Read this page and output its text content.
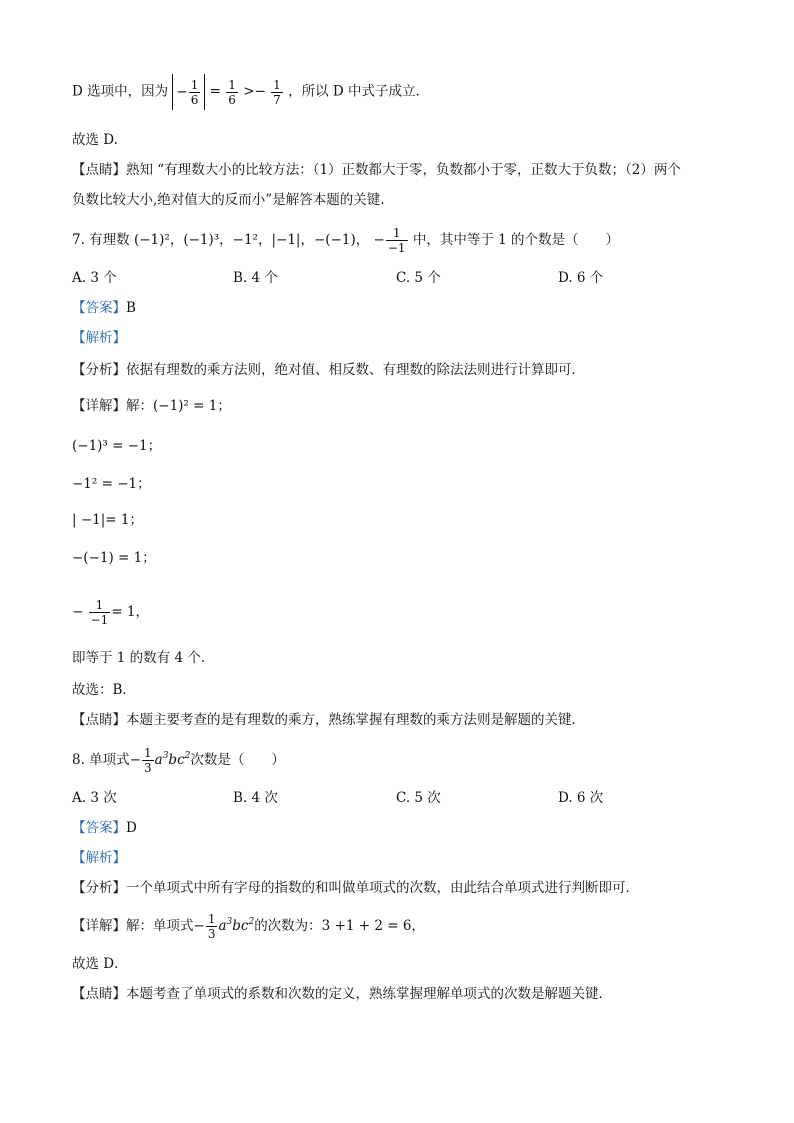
D 选项中，因为 − $\frac{1}{6} = \frac{1}{6} >- \frac{1}{7}$ ，所以 D 中式子成立.
故选 D.
【点睛】熟知 “有理数大小的比较方法：（1）正数都大于零，负数都小于零，正数大于负数；（2）两个
负数比较大小,绝对值大的反而小”是解答本题的关键.
7. 有理数 (−1)²，(−1)³，−1²，|−1|，−(−1)， − $\frac{1}{-1}$ 中，其中等于 1 的个数是（　　）
A. 3 个	B. 4 个	C. 5 个	D. 6 个
【答案】B
【解析】
【分析】依据有理数的乘方法则，绝对值、相反数、有理数的除法法则进行计算即可．
【详解】解：(−1)² = 1；
(−1)³ = −1；
−1² = −1；
| −1|= 1；
−(−1) = 1；
− $\frac{1}{-1} = 1$，
即等于 1 的数有 4 个．
故选：B．
【点睛】本题主要考查的是有理数的乘方，熟练掌握有理数的乘方法则是解题的关键．
8. 单项式− $\frac{1}{3} a^3bc^2$次数是（　　）
A. 3 次	B. 4 次	C. 5 次	D. 6 次
【答案】D
【解析】
【分析】一个单项式中所有字母的指数的和叫做单项式的次数，由此结合单项式进行判断即可．
【详解】解：单项式− $\frac{1}{3} a^3bc^2$的次数为：3 +1 + 2 = 6，
故选 D．
【点睛】本题考查了单项式的系数和次数的定义，熟练掌握理解单项式的次数是解题关键．
